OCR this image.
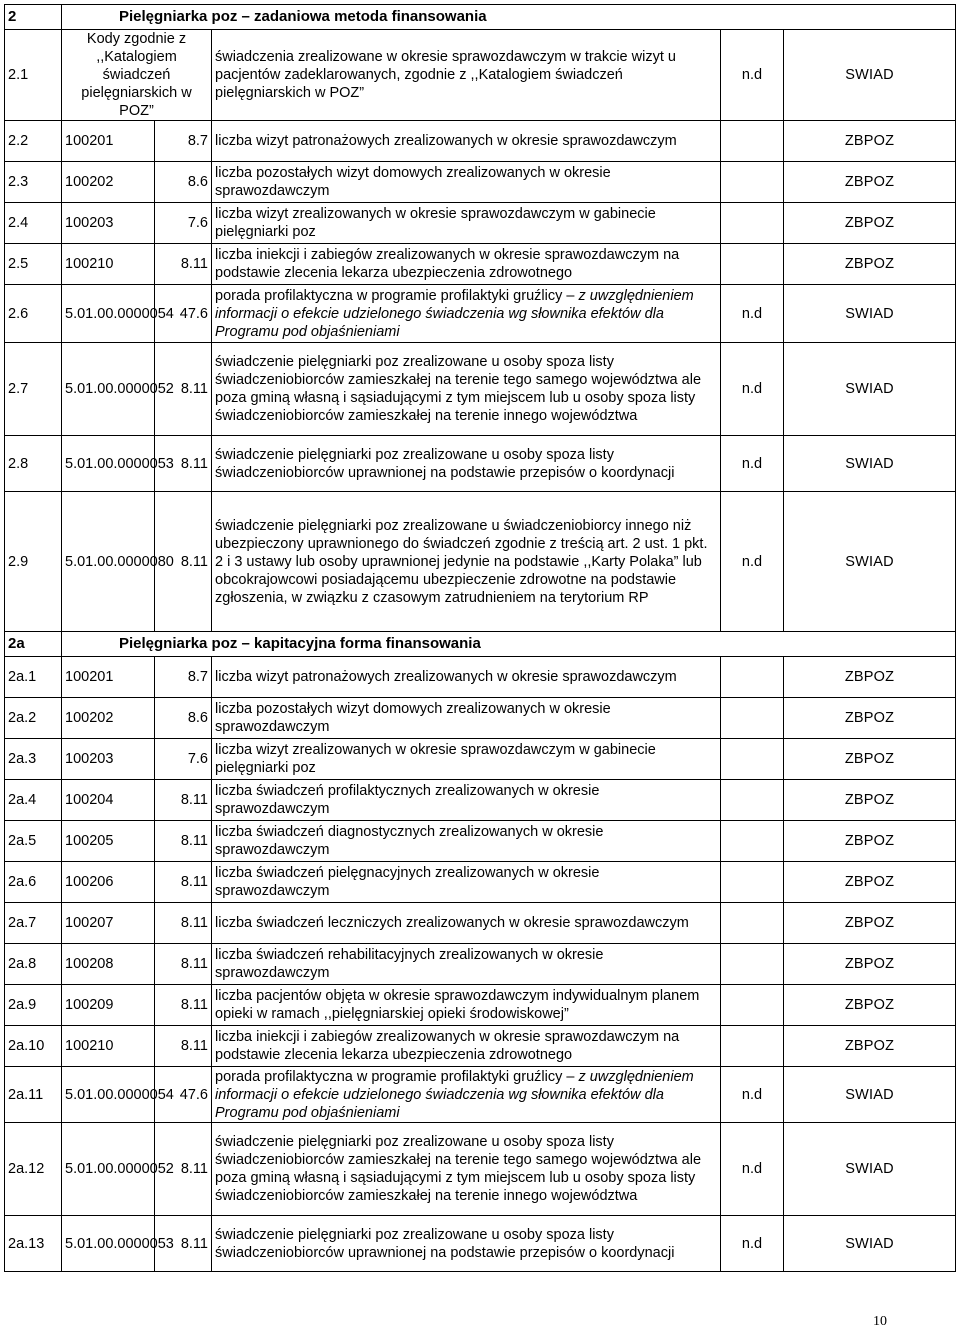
2	Pielęgniarka poz – zadaniowa metoda finansowania				
2.1	Kody zgodnie z ,,Katalogiem świadczeń pielęgniarskich w POZ”		świadczenia zrealizowane w okresie sprawozdawczym w trakcie wizyt u pacjentów zadeklarowanych, zgodnie z ,,Katalogiem świadczeń pielęgniarskich w POZ”	n.d	SWIAD
2.2	100201	8.7	liczba wizyt patronażowych zrealizowanych w okresie sprawozdawczym		ZBPOZ
2.3	100202	8.6	liczba pozostałych wizyt domowych zrealizowanych w okresie sprawozdawczym		ZBPOZ
2.4	100203	7.6	liczba wizyt zrealizowanych w okresie sprawozdawczym w gabinecie pielęgniarki poz		ZBPOZ
2.5	100210	8.11	liczba iniekcji i zabiegów zrealizowanych w okresie sprawozdawczym na podstawie zlecenia lekarza ubezpieczenia zdrowotnego		ZBPOZ
2.6	5.01.00.0000054	47.6	porada profilaktyczna w programie profilaktyki gruźlicy – z uwzględnieniem informacji o efekcie udzielonego świadczenia wg słownika efektów dla Programu pod objaśnieniami	n.d	SWIAD
2.7	5.01.00.0000052	8.11	świadczenie pielęgniarki poz zrealizowane u osoby spoza listy świadczeniobiorców zamieszkałej na terenie tego samego województwa ale poza gminą własną i sąsiadującymi z tym miejscem lub u osoby spoza listy świadczeniobiorców zamieszkałej na terenie innego województwa	n.d	SWIAD
2.8	5.01.00.0000053	8.11	świadczenie pielęgniarki poz zrealizowane u osoby spoza listy świadczeniobiorców uprawnionej na podstawie przepisów o koordynacji	n.d	SWIAD
2.9	5.01.00.0000080	8.11	świadczenie pielęgniarki poz zrealizowane u świadczeniobiorcy innego niż ubezpieczony uprawnionego do świadczeń zgodnie z treścią art. 2 ust. 1 pkt. 2 i 3 ustawy lub osoby uprawnionej jedynie na podstawie ,,Karty Polaka” lub obcokrajowcowi posiadającemu ubezpieczenie zdrowotne na podstawie zgłoszenia, w związku z czasowym zatrudnieniem na terytorium RP	n.d	SWIAD
2a	Pielęgniarka poz – kapitacyjna forma finansowania				
2a.1	100201	8.7	liczba wizyt patronażowych zrealizowanych w okresie sprawozdawczym		ZBPOZ
2a.2	100202	8.6	liczba pozostałych wizyt domowych zrealizowanych w okresie sprawozdawczym		ZBPOZ
2a.3	100203	7.6	liczba wizyt zrealizowanych w okresie sprawozdawczym w gabinecie pielęgniarki poz		ZBPOZ
2a.4	100204	8.11	liczba świadczeń profilaktycznych zrealizowanych w okresie sprawozdawczym		ZBPOZ
2a.5	100205	8.11	liczba świadczeń diagnostycznych zrealizowanych w okresie sprawozdawczym		ZBPOZ
2a.6	100206	8.11	liczba świadczeń pielęgnacyjnych zrealizowanych w okresie sprawozdawczym		ZBPOZ
2a.7	100207	8.11	liczba świadczeń leczniczych zrealizowanych w okresie sprawozdawczym		ZBPOZ
2a.8	100208	8.11	liczba świadczeń rehabilitacyjnych zrealizowanych w okresie sprawozdawczym		ZBPOZ
2a.9	100209	8.11	liczba pacjentów objęta w okresie sprawozdawczym indywidualnym planem opieki w ramach ,,pielęgniarskiej opieki środowiskowej”		ZBPOZ
2a.10	100210	8.11	liczba iniekcji i zabiegów zrealizowanych w okresie sprawozdawczym na podstawie zlecenia lekarza ubezpieczenia zdrowotnego		ZBPOZ
2a.11	5.01.00.0000054	47.6	porada profilaktyczna w programie profilaktyki gruźlicy – z uwzględnieniem informacji o efekcie udzielonego świadczenia wg słownika efektów dla Programu pod objaśnieniami	n.d	SWIAD
2a.12	5.01.00.0000052	8.11	świadczenie pielęgniarki poz zrealizowane u osoby spoza listy świadczeniobiorców zamieszkałej na terenie tego samego województwa ale poza gminą własną i sąsiadującymi z tym miejscem lub u osoby spoza listy świadczeniobiorców zamieszkałej na terenie innego województwa	n.d	SWIAD
2a.13	5.01.00.0000053	8.11	świadczenie pielęgniarki poz zrealizowane u osoby spoza listy świadczeniobiorców uprawnionej na podstawie przepisów o koordynacji	n.d	SWIAD
10
